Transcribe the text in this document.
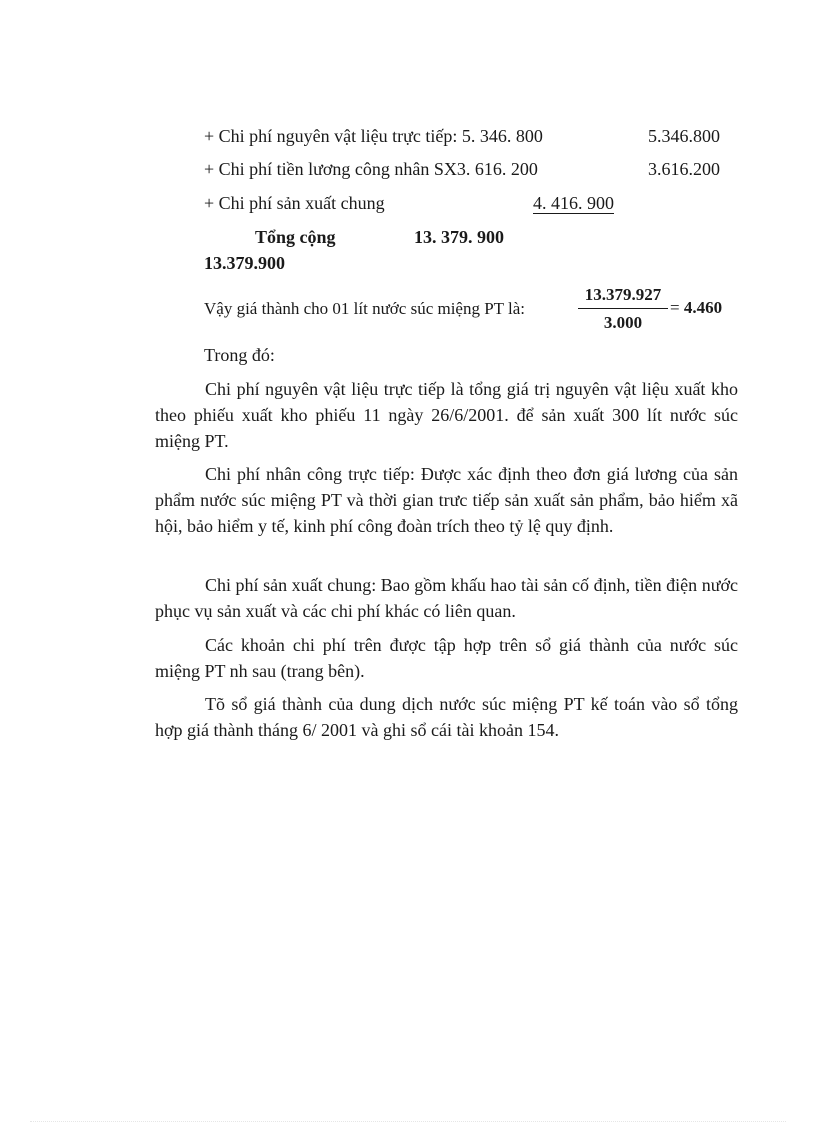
+ Chi phí nguyên vật liệu trực tiếp: 5. 346. 800	5.346.800
+ Chi phí tiền lương công nhân SX3. 616. 200	3.616.200
+ Chi phí sản xuất chung	4. 416. 900
Tổng cộng	13. 379. 900
13.379.900
Vậy giá thành cho 01 lít nước súc miệng PT là:	$\frac{13.379.927}{3.000} = 4.460$
Trong đó:

Chi phí nguyên vật liệu trực tiếp là tổng giá trị nguyên vật liệu xuất kho theo phiếu xuất kho phiếu 11 ngày 26/6/2001. để sản xuất 300 lít nước súc miệng PT.

Chi phí nhân công trực tiếp: Được xác định theo đơn giá lương của sản phẩm nước súc miệng PT và thời gian trưc tiếp sản xuất sản phẩm, bảo hiểm xã hội, bảo hiểm y tế, kinh phí công đoàn trích theo tỷ lệ quy định.

Chi phí sản xuất chung: Bao gồm khấu hao tài sản cố định, tiền điện nước phục vụ sản xuất và các chi phí khác có liên quan.

Các khoản chi phí trên được tập hợp trên sổ giá thành của nước súc miệng PT nh sau (trang bên).

Tõ sổ giá thành của dung dịch nước súc miệng PT kế toán vào sổ tổng hợp giá thành tháng 6/ 2001 và ghi sổ cái tài khoản 154.
